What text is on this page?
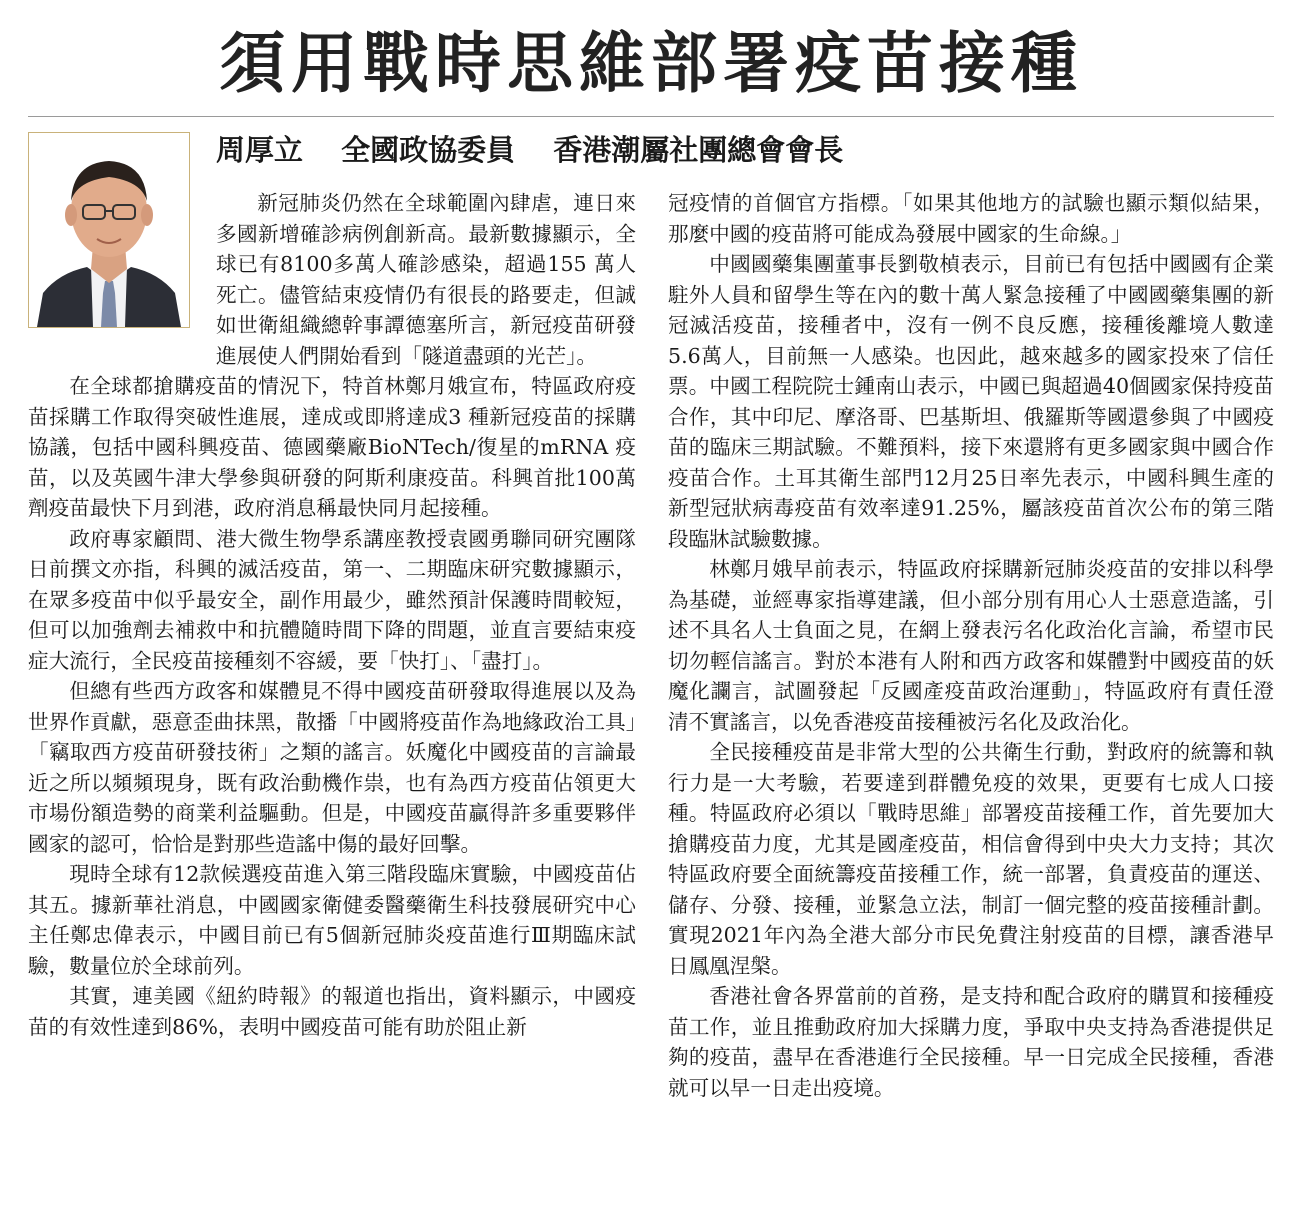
須用戰時思維部署疫苗接種
周厚立 全國政協委員 香港潮屬社團總會會長

新冠肺炎仍然在全球範圍內肆虐，連日來多國新增確診病例創新高。最新數據顯示，全球已有8100多萬人確診感染，超過155 萬人死亡。儘管結束疫情仍有很長的路要走，但誠如世衛組織總幹事譚德塞所言，新冠疫苗研發進展使人們開始看到「隧道盡頭的光芒」。

在全球都搶購疫苗的情況下，特首林鄭月娥宣布，特區政府疫苗採購工作取得突破性進展，達成或即將達成3 種新冠疫苗的採購協議，包括中國科興疫苗、德國藥廠BioNTech/復星的mRNA 疫苗，以及英國牛津大學參與研發的阿斯利康疫苗。科興首批100萬劑疫苗最快下月到港，政府消息稱最快同月起接種。

政府專家顧問、港大微生物學系講座教授袁國勇聯同研究團隊日前撰文亦指，科興的滅活疫苗，第一、二期臨床研究數據顯示，在眾多疫苗中似乎最安全，副作用最少，雖然預計保護時間較短，但可以加強劑去補救中和抗體隨時間下降的問題，並直言要結束疫症大流行，全民疫苗接種刻不容緩，要「快打」、「盡打」。

但總有些西方政客和媒體見不得中國疫苗研發取得進展以及為世界作貢獻，惡意歪曲抹黑，散播「中國將疫苗作為地緣政治工具」「竊取西方疫苗研發技術」之類的謠言。妖魔化中國疫苗的言論最近之所以頻頻現身，既有政治動機作祟，也有為西方疫苗佔領更大市場份額造勢的商業利益驅動。但是，中國疫苗贏得許多重要夥伴國家的認可，恰恰是對那些造謠中傷的最好回擊。

現時全球有12款候選疫苗進入第三階段臨床實驗，中國疫苗佔其五。據新華社消息，中國國家衛健委醫藥衛生科技發展研究中心主任鄭忠偉表示，中國目前已有5個新冠肺炎疫苗進行Ⅲ期臨床試驗，數量位於全球前列。

其實，連美國《紐約時報》的報道也指出，資料顯示，中國疫苗的有效性達到86%，表明中國疫苗可能有助於阻止新

冠疫情的首個官方指標。「如果其他地方的試驗也顯示類似結果，那麼中國的疫苗將可能成為發展中國家的生命線。」

中國國藥集團董事長劉敬楨表示，目前已有包括中國國有企業駐外人員和留學生等在內的數十萬人緊急接種了中國國藥集團的新冠滅活疫苗，接種者中，沒有一例不良反應，接種後離境人數達5.6萬人，目前無一人感染。也因此，越來越多的國家投來了信任票。中國工程院院士鍾南山表示，中國已與超過40個國家保持疫苗合作，其中印尼、摩洛哥、巴基斯坦、俄羅斯等國還參與了中國疫苗的臨床三期試驗。不難預料，接下來還將有更多國家與中國合作疫苗合作。土耳其衛生部門12月25日率先表示，中國科興生產的新型冠狀病毒疫苗有效率達91.25%，屬該疫苗首次公布的第三階段臨牀試驗數據。

林鄭月娥早前表示，特區政府採購新冠肺炎疫苗的安排以科學為基礎，並經專家指導建議，但小部分別有用心人士惡意造謠，引述不具名人士負面之見，在網上發表污名化政治化言論，希望市民切勿輕信謠言。對於本港有人附和西方政客和媒體對中國疫苗的妖魔化讕言，試圖發起「反國產疫苗政治運動」，特區政府有責任澄清不實謠言，以免香港疫苗接種被污名化及政治化。

全民接種疫苗是非常大型的公共衛生行動，對政府的統籌和執行力是一大考驗，若要達到群體免疫的效果，更要有七成人口接種。特區政府必須以「戰時思維」部署疫苗接種工作，首先要加大搶購疫苗力度，尤其是國產疫苗，相信會得到中央大力支持；其次特區政府要全面統籌疫苗接種工作，統一部署，負責疫苗的運送、儲存、分發、接種，並緊急立法，制訂一個完整的疫苗接種計劃。實現2021年內為全港大部分市民免費注射疫苗的目標，讓香港早日鳳凰涅槃。

香港社會各界當前的首務，是支持和配合政府的購買和接種疫苗工作，並且推動政府加大採購力度，爭取中央支持為香港提供足夠的疫苗，盡早在香港進行全民接種。早一日完成全民接種，香港就可以早一日走出疫境。
